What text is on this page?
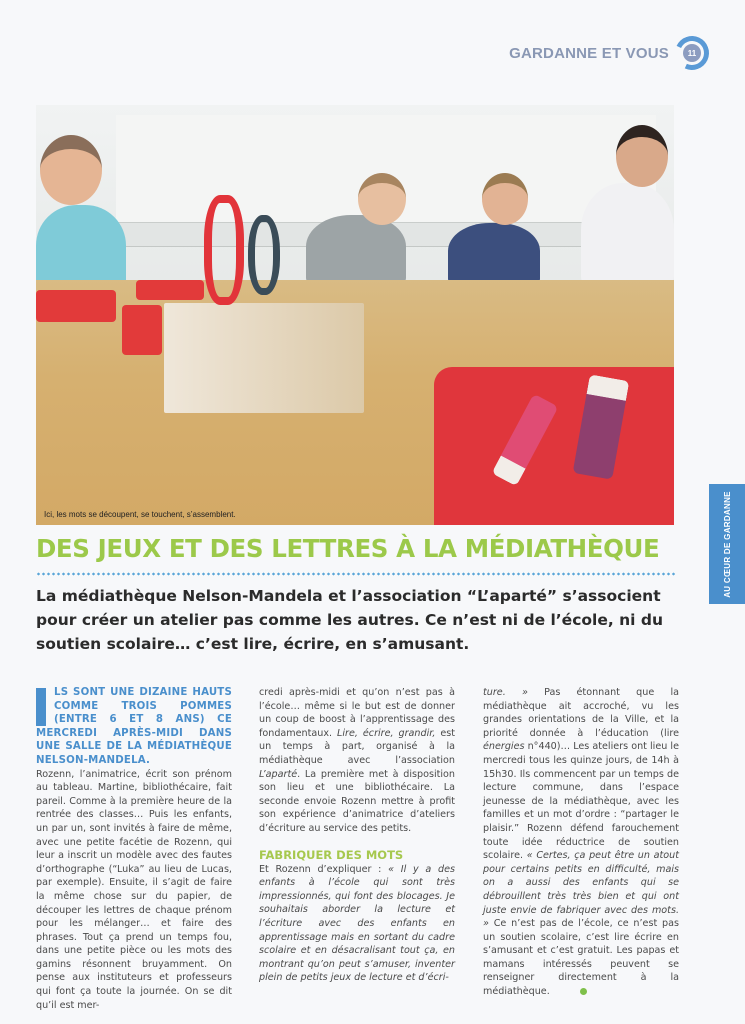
GARDANNE ET VOUS	11
Ici, les mots se découpent, se touchent, s’assemblent.	AU CŒUR DE GARDANNE
DES JEUX ET DES LETTRES À LA MÉDIATHÈQUE

La médiathèque Nelson-Mandela et l’association “L’aparté” s’associent pour créer un atelier pas comme les autres. Ce n’est ni de l’école, ni du soutien scolaire… c’est lire, écrire, en s’amusant.

LS SONT UNE DIZAINE HAUTS COMME TROIS POMMES (ENTRE 6 ET 8 ANS) CE MERCREDI APRÈS-MIDI DANS UNE SALLE DE LA MÉDIATHÈQUE NELSON-MANDELA.

Rozenn, l’animatrice, écrit son prénom au tableau. Martine, bibliothécaire, fait pareil. Comme à la première heure de la rentrée des classes… Puis les enfants, un par un, sont invités à faire de même, avec une petite facétie de Rozenn, qui leur a inscrit un modèle avec des fautes d’orthographe (“Luka” au lieu de Lucas, par exemple). Ensuite, il s’agit de faire la même chose sur du papier, de découper les lettres de chaque prénom pour les mélanger… et faire des phrases. Tout ça prend un temps fou, dans une petite pièce ou les mots des gamins résonnent bruyamment. On pense aux instituteurs et professeurs qui font ça toute la journée. On se dit qu’il est mer-

credi après-midi et qu’on n’est pas à l’école… même si le but est de donner un coup de boost à l’apprentissage des fondamentaux. Lire, écrire, grandir, est un temps à part, organisé à la médiathèque avec l’association L’aparté. La première met à disposition son lieu et une bibliothécaire. La seconde envoie Rozenn mettre à profit son expérience d’animatrice d’ateliers d’écriture au service des petits.

FABRIQUER DES MOTS

Et Rozenn d’expliquer : « Il y a des enfants à l’école qui sont très impressionnés, qui font des blocages. Je souhaitais aborder la lecture et l’écriture avec des enfants en apprentissage mais en sortant du cadre scolaire et en désacralisant tout ça, en montrant qu’on peut s’amuser, inventer plein de petits jeux de lecture et d’écri-

ture. » Pas étonnant que la médiathèque ait accroché, vu les grandes orientations de la Ville, et la priorité donnée à l’éducation (lire énergies n°440)… Les ateliers ont lieu le mercredi tous les quinze jours, de 14h à 15h30. Ils commencent par un temps de lecture commune, dans l’espace jeunesse de la médiathèque, avec les familles et un mot d’ordre : “partager le plaisir.” Rozenn défend farouchement toute idée réductrice de soutien scolaire. « Certes, ça peut être un atout pour certains petits en difficulté, mais on a aussi des enfants qui se débrouillent très très bien et qui ont juste envie de fabriquer avec des mots. » Ce n’est pas de l’école, ce n’est pas un soutien scolaire, c’est lire écrire en s’amusant et c’est gratuit. Les papas et mamans intéressés peuvent se renseigner directement à la médiathèque.
